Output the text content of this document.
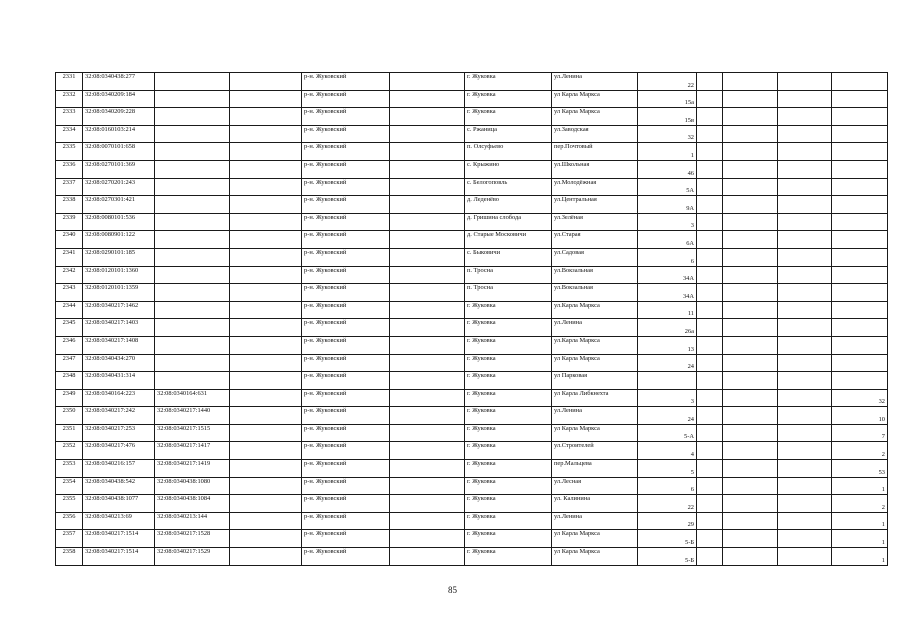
2331	32:08:0340438:277			р-н. Жуковский		г. Жуковка	ул.Ленина	22				
2332	32:08:0340209:184			р-н. Жуковский		г. Жуковка	ул Карла Маркса	15а				
2333	32:08:0340209:228			р-н. Жуковский		г. Жуковка	ул Карла Маркса	15в				
2334	32:08:0160103:214			р-н. Жуковский		с. Ржаница	ул.Заводская	32				
2335	32:08:0070101:658			р-н. Жуковский		п. Олсуфьево	пер.Почтовый	1				
2336	32:08:0270101:369			р-н. Жуковский		с. Крыжино	ул.Школьная	46				
2337	32:08:0270201:243			р-н. Жуковский		с. Белогоповль	ул.Молодёжная	5А				
2338	32:08:0270301:421			р-н. Жуковский		д. Леденёво	ул.Центральная	9А				
2339	32:08:0080101:536			р-н. Жуковский		д. Гришина слобода	ул.Зелёная	3				
2340	32:08:0080901:122			р-н. Жуковский		д. Старые Московичи	ул.Старая	6А				
2341	32:08:0290101:185			р-н. Жуковский		с. Быковичи	ул.Садовая	6				
2342	32:08:0120101:1360			р-н. Жуковский		п. Тросна	ул.Вокзальная	34А				
2343	32:08:0120101:1359			р-н. Жуковский		п. Тросна	ул.Вокзальная	34А				
2344	32:08:0340217:1462			р-н. Жуковский		г. Жуковка	ул.Карла Маркса	11				
2345	32:08:0340217:1403			р-н. Жуковский		г. Жуковка	ул.Ленина	26а				
2346	32:08:0340217:1408			р-н. Жуковский		г. Жуковка	ул.Карла Маркса	13				
2347	32:08:0340434:270			р-н. Жуковский		г. Жуковка	ул Карла Маркса	24				
2348	32:08:0340431:314			р-н. Жуковский		г. Жуковка	ул Парковая					
2349	32:08:0340164:223	32:08:0340164:631		р-н. Жуковский		г. Жуковка	ул Карла Либкнехта	3				32
2350	32:08:0340217:242	32:08:0340217:1440		р-н. Жуковский		г. Жуковка	ул.Ленина	24				10
2351	32:08:0340217:253	32:08:0340217:1515		р-н. Жуковский		г. Жуковка	ул Карла Маркса	5-А				7
2352	32:08:0340217:476	32:08:0340217:1417		р-н. Жуковский		г. Жуковка	ул.Строителей	4				2
2353	32:08:0340216:157	32:08:0340217:1419		р-н. Жуковский		г. Жуковка	пер.Мальцева	5				53
2354	32:08:0340438:542	32:08:0340438:1080		р-н. Жуковский		г. Жуковка	ул.Лесная	6				1
2355	32:08:0340438:1077	32:08:0340438:1084		р-н. Жуковский		г. Жуковка	ул. Калинина	22				2
2356	32:08:0340213:69	32:08:0340213:144		р-н. Жуковский		г. Жуковка	ул.Ленина	29				1
2357	32:08:0340217:1514	32:08:0340217:1528		р-н. Жуковский		г. Жуковка	ул Карла Маркса	5-Б				1
2358	32:08:0340217:1514	32:08:0340217:1529		р-н. Жуковский		г. Жуковка	ул Карла Маркса	5-Б				1
85
